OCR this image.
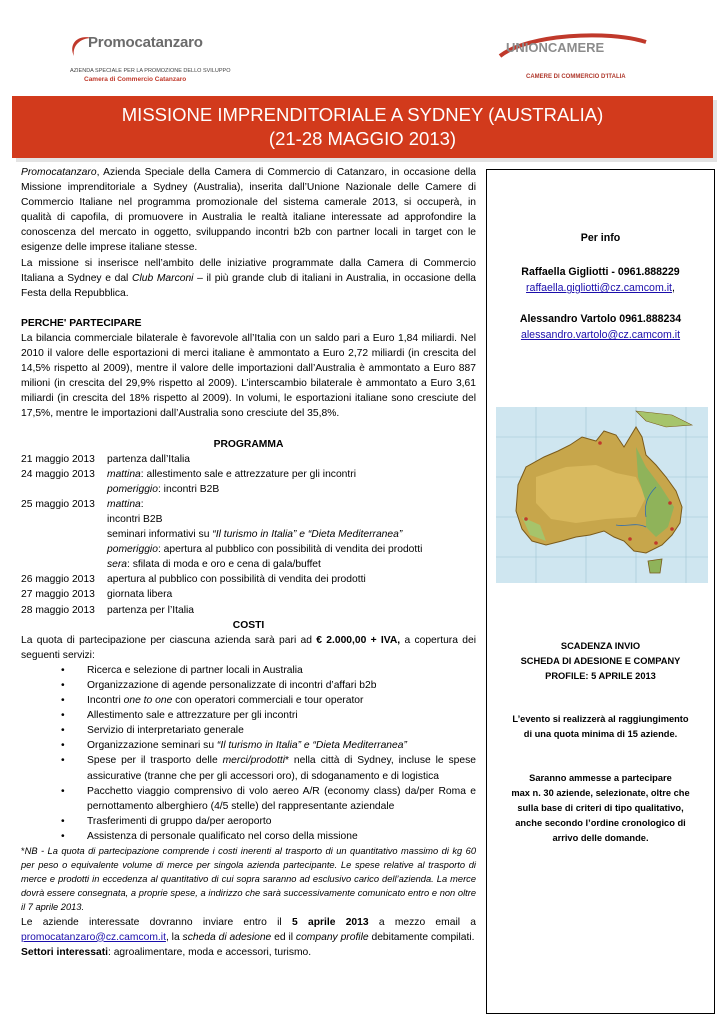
Promocatanzaro
AZIENDA SPECIALE PER LA PROMOZIONE DELLO SVILUPPO
Camera di Commercio Catanzaro
UNIONCAMERE
CAMERE DI COMMERCIO D'ITALIA
MISSIONE IMPRENDITORIALE A SYDNEY (AUSTRALIA)
(21-28 MAGGIO 2013)

Promocatanzaro, Azienda Speciale della Camera di Commercio di Catanzaro, in occasione della Missione imprenditoriale a Sydney (Australia), inserita dall’Unione Nazionale delle Camere di Commercio Italiane nel programma promozionale del sistema camerale 2013, si occuperà, in qualità di capofila, di promuovere in Australia le realtà italiane interessate ad approfondire la conoscenza del mercato in oggetto, sviluppando incontri b2b con partner locali in target con le esigenze delle imprese italiane stesse.

La missione si inserisce nell’ambito delle iniziative programmate dalla Camera di Commercio Italiana a Sydney e dal Club Marconi – il più grande club di italiani in Australia, in occasione della Festa della Repubblica.

PERCHE' PARTECIPARE

La bilancia commerciale bilaterale è favorevole all’Italia con un saldo pari a Euro 1,84 miliardi. Nel 2010 il valore delle esportazioni di merci italiane è ammontato a Euro 2,72 miliardi (in crescita del 14,5% rispetto al 2009), mentre il valore delle importazioni dall’Australia è ammontato a Euro 887 milioni (in crescita del 29,9% rispetto al 2009). L’interscambio bilaterale è ammontato a Euro 3,61 miliardi (in crescita del 18% rispetto al 2009). In volumi, le esportazioni italiane sono cresciute del 17,5%, mentre le importazioni dall’Australia sono cresciute del 35,8%.

PROGRAMMA

21 maggio 2013	partenza dall’Italia
24 maggio 2013	mattina: allestimento sale e attrezzature per gli incontri
pomeriggio: incontri B2B
25 maggio 2013	mattina:
incontri B2B
seminari informativi su “Il turismo in Italia” e “Dieta Mediterranea”
pomeriggio: apertura al pubblico con possibilità di vendita dei prodotti
sera: sfilata di moda e oro e cena di gala/buffet
26 maggio 2013	apertura al pubblico con possibilità di vendita dei prodotti
27 maggio 2013	giornata libera
28 maggio 2013	partenza per l’Italia

COSTI

La quota di partecipazione per ciascuna azienda sarà pari ad € 2.000,00 + IVA, a copertura dei seguenti servizi:

• Ricerca e selezione di partner locali in Australia
• Organizzazione di agende personalizzate di incontri d’affari b2b
• Incontri one to one con operatori commerciali e tour operator
• Allestimento sale e attrezzature per gli incontri
• Servizio di interpretariato generale
• Organizzazione seminari su “Il turismo in Italia” e “Dieta Mediterranea”
• Spese per il trasporto delle merci/prodotti* nella città di Sydney, incluse le spese assicurative (tranne che per gli accessori oro), di sdoganamento e di logistica
• Pacchetto viaggio comprensivo di volo aereo A/R (economy class) da/per Roma e pernottamento alberghiero (4/5 stelle) del rappresentante aziendale
• Trasferimenti di gruppo da/per aeroporto
• Assistenza di personale qualificato nel corso della missione

*NB - La quota di partecipazione comprende i costi inerenti al trasporto di un quantitativo massimo di kg 60 per peso o equivalente volume di merce per singola azienda partecipante. Le spese relative al trasporto di merce e prodotti in eccedenza al quantitativo di cui sopra saranno ad esclusivo carico dell’azienda. La merce dovrà essere consegnata, a proprie spese, a indirizzo che sarà successivamente comunicato entro e non oltre il 7 aprile 2013.

Le aziende interessate dovranno inviare entro il 5 aprile 2013 a mezzo email a promocatanzaro@cz.camcom.it, la scheda di adesione ed il company profile debitamente compilati.

Settori interessati: agroalimentare, moda e accessori, turismo.

Per info
Raffaella Gigliotti - 0961.888229
raffaella.gigliotti@cz.camcom.it,
Alessandro Vartolo 0961.888234
alessandro.vartolo@cz.camcom.it
SCADENZA INVIO
SCHEDA DI ADESIONE E COMPANY
PROFILE: 5 APRILE 2013
L’evento si realizzerà al raggiungimento
di una quota minima di 15 aziende.
Saranno ammesse a partecipare
max n. 30 aziende, selezionate, oltre che
sulla base di criteri di tipo qualitativo,
anche secondo l’ordine cronologico di
arrivo delle domande.
